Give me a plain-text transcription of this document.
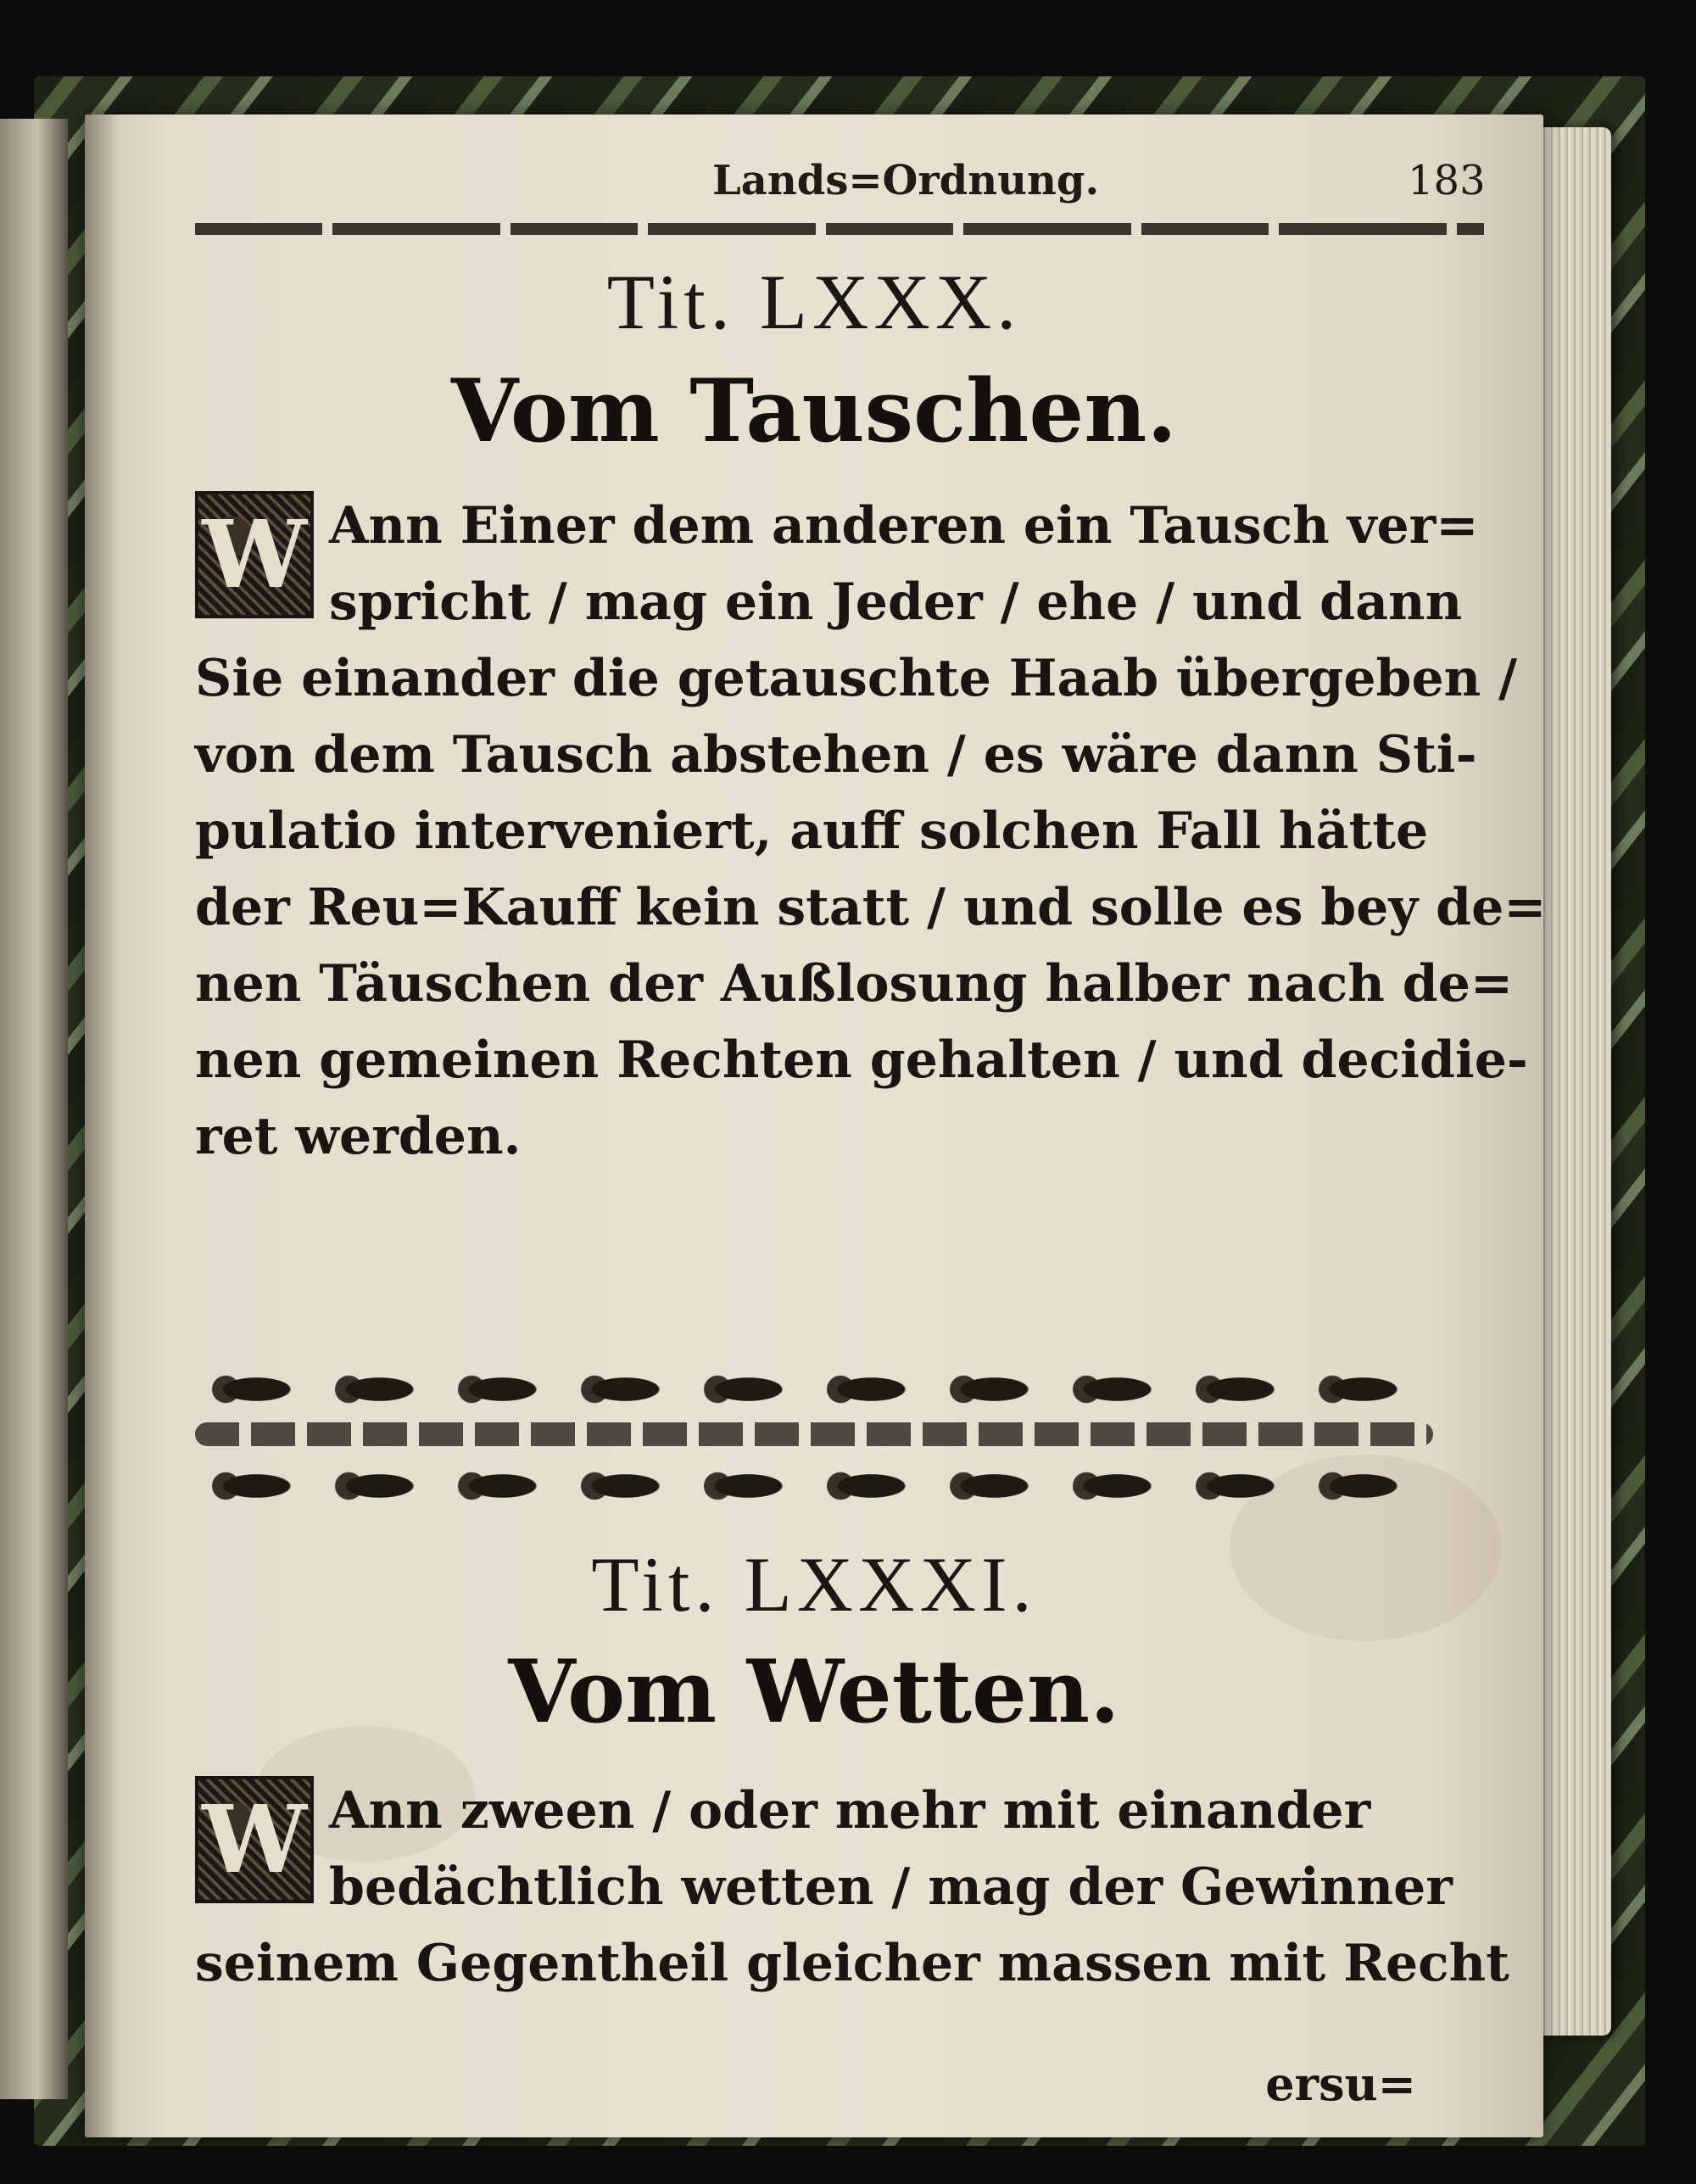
Lands=Ordnung.	183
Tit. LXXX.
Vom Tauschen.
W Ann Einer dem anderen ein Tausch ver=
spricht / mag ein Jeder / ehe / und dann
Sie einander die getauschte Haab übergeben /
von dem Tausch abstehen / es wäre dann Sti-
pulatio interveniert, auff solchen Fall hätte
der Reu=Kauff kein statt / und solle es bey de=
nen Täuschen der Außlosung halber nach de=
nen gemeinen Rechten gehalten / und decidie-
ret werden.
Tit. LXXXI.
Vom Wetten.
W Ann zween / oder mehr mit einander
bedächtlich wetten / mag der Gewinner
seinem Gegentheil gleicher massen mit Recht
ersu=
